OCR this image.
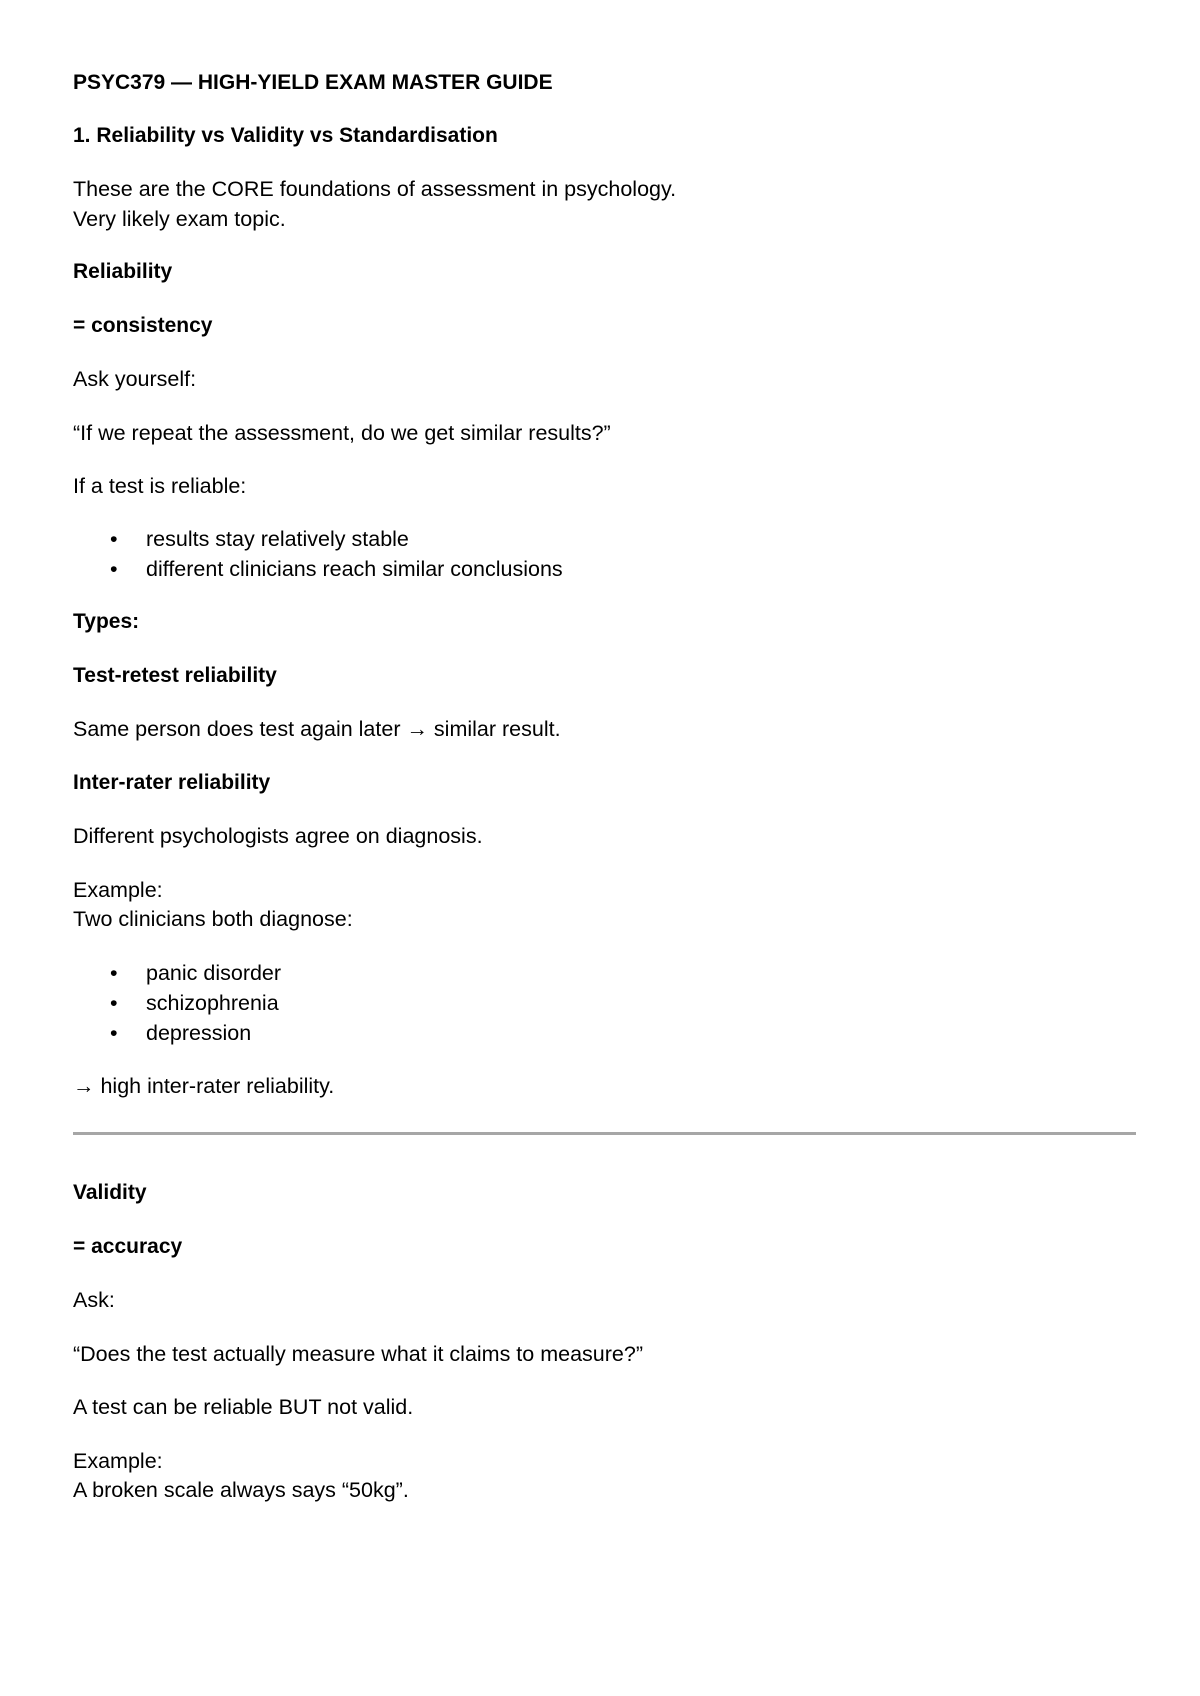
PSYC379 — HIGH-YIELD EXAM MASTER GUIDE
1. Reliability vs Validity vs Standardisation
These are the CORE foundations of assessment in psychology.
Very likely exam topic.
Reliability
= consistency
Ask yourself:
“If we repeat the assessment, do we get similar results?”
If a test is reliable:
• results stay relatively stable
• different clinicians reach similar conclusions
Types:
Test-retest reliability
Same person does test again later → similar result.
Inter-rater reliability
Different psychologists agree on diagnosis.
Example:
Two clinicians both diagnose:
• panic disorder
• schizophrenia
• depression
→ high inter-rater reliability.
Validity
= accuracy
Ask:
“Does the test actually measure what it claims to measure?”
A test can be reliable BUT not valid.
Example:
A broken scale always says “50kg”.
